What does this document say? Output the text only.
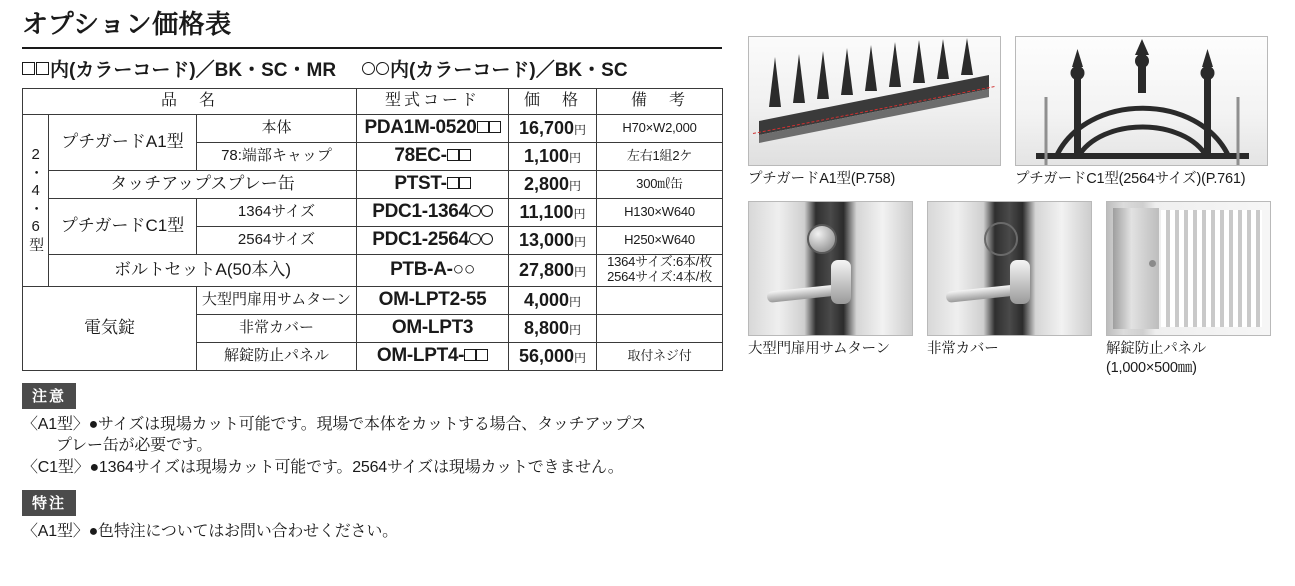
オプション価格表
内(カラーコード)／BK・SC・MR	内(カラーコード)／BK・SC
品　名			型式コード	価　格	備　考
2・4・6型	プチガードA1型	本体	PDA1M-0520	16,700円	H70×W2,000
		78:端部キャップ	78EC-	1,100円	左右1組2ケ
	タッチアップスプレー缶		PTST-	2,800円	300㎖缶
	プチガードC1型	1364サイズ	PDC1-1364	11,100円	H130×W640
		2564サイズ	PDC1-2564	13,000円	H250×W640
	ボルトセットA(50本入)		PTB-A-○○	27,800円	1364サイズ:6本/枚
2564サイズ:4本/枚
電気錠		大型門扉用サムターン	OM-LPT2-55	4,000円	
		非常カバー	OM-LPT3	8,800円	
		解錠防止パネル	OM-LPT4-	56,000円	取付ネジ付
注意
〈A1型〉●サイズは現場カット可能です。現場で本体をカットする場合、タッチアップス
プレー缶が必要です。
〈C1型〉●1364サイズは現場カット可能です。2564サイズは現場カットできません。
特注
〈A1型〉●色特注についてはお問い合わせください。
プチガードA1型(P.758)	プチガードC1型(2564サイズ)(P.761)
大型門扉用サムターン	非常カバー	解錠防止パネル
(1,000×500㎜)
